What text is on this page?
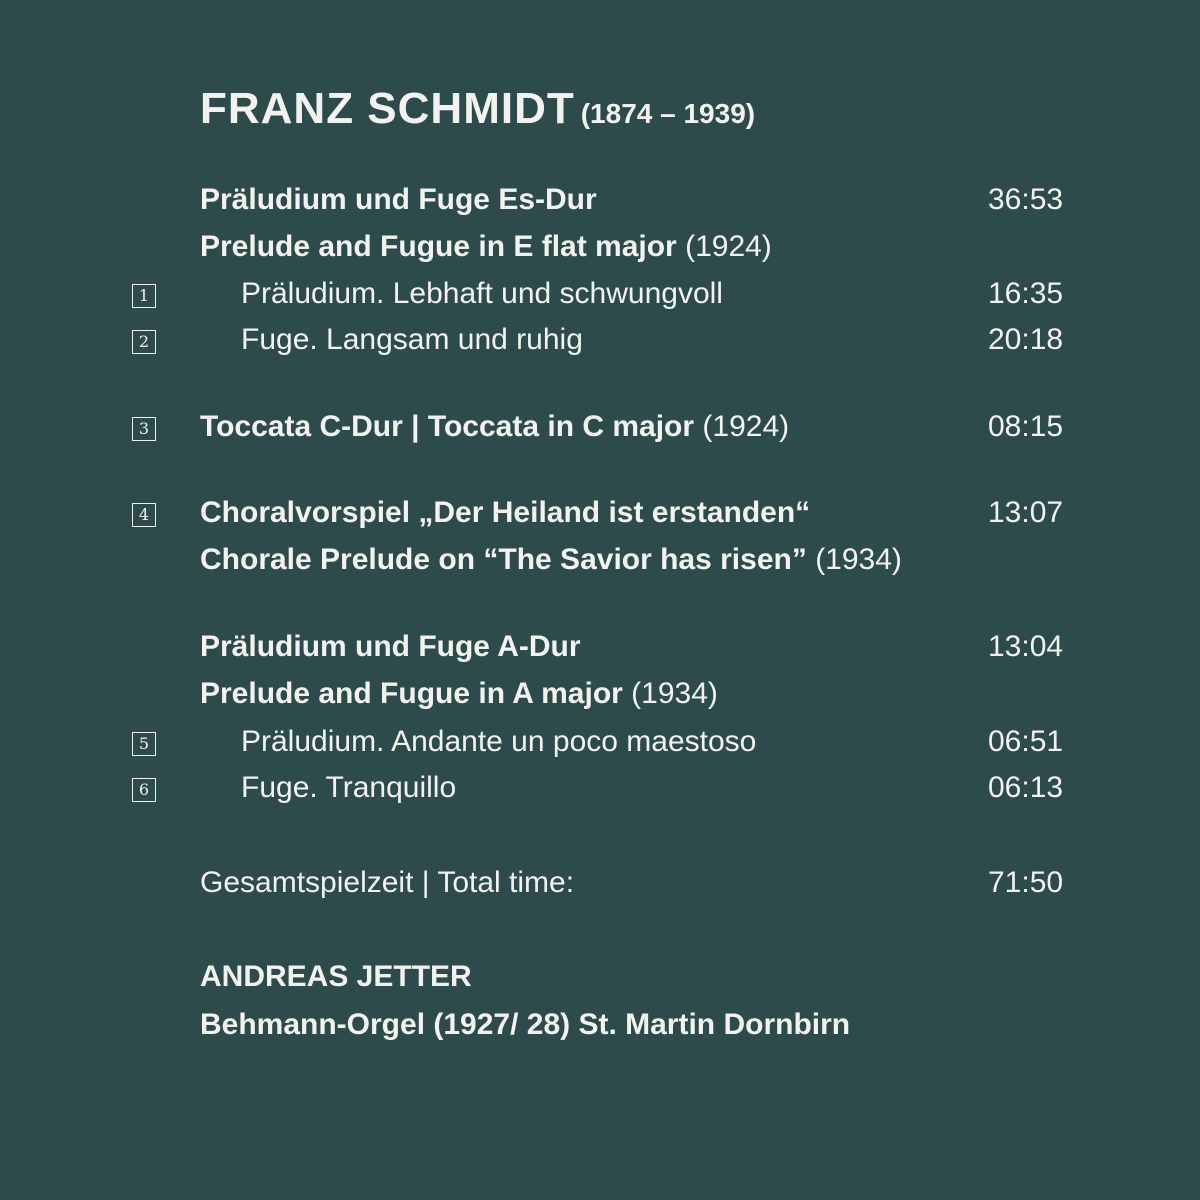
FRANZ SCHMIDT (1874 – 1939)
Präludium und Fuge Es-Dur	36:53
Prelude and Fugue in E flat major (1924)
1	Präludium. Lebhaft und schwungvoll	16:35
2	Fuge. Langsam und ruhig	20:18
3 Toccata C-Dur | Toccata in C major (1924)	08:15
4 Choralvorspiel „Der Heiland ist erstanden“	13:07
Chorale Prelude on “The Savior has risen” (1934)
Präludium und Fuge A-Dur	13:04
Prelude and Fugue in A major (1934)
5	Präludium. Andante un poco maestoso	06:51
6	Fuge. Tranquillo	06:13
Gesamtspielzeit | Total time:	71:50
ANDREAS JETTER
Behmann-Orgel (1927/ 28) St. Martin Dornbirn
